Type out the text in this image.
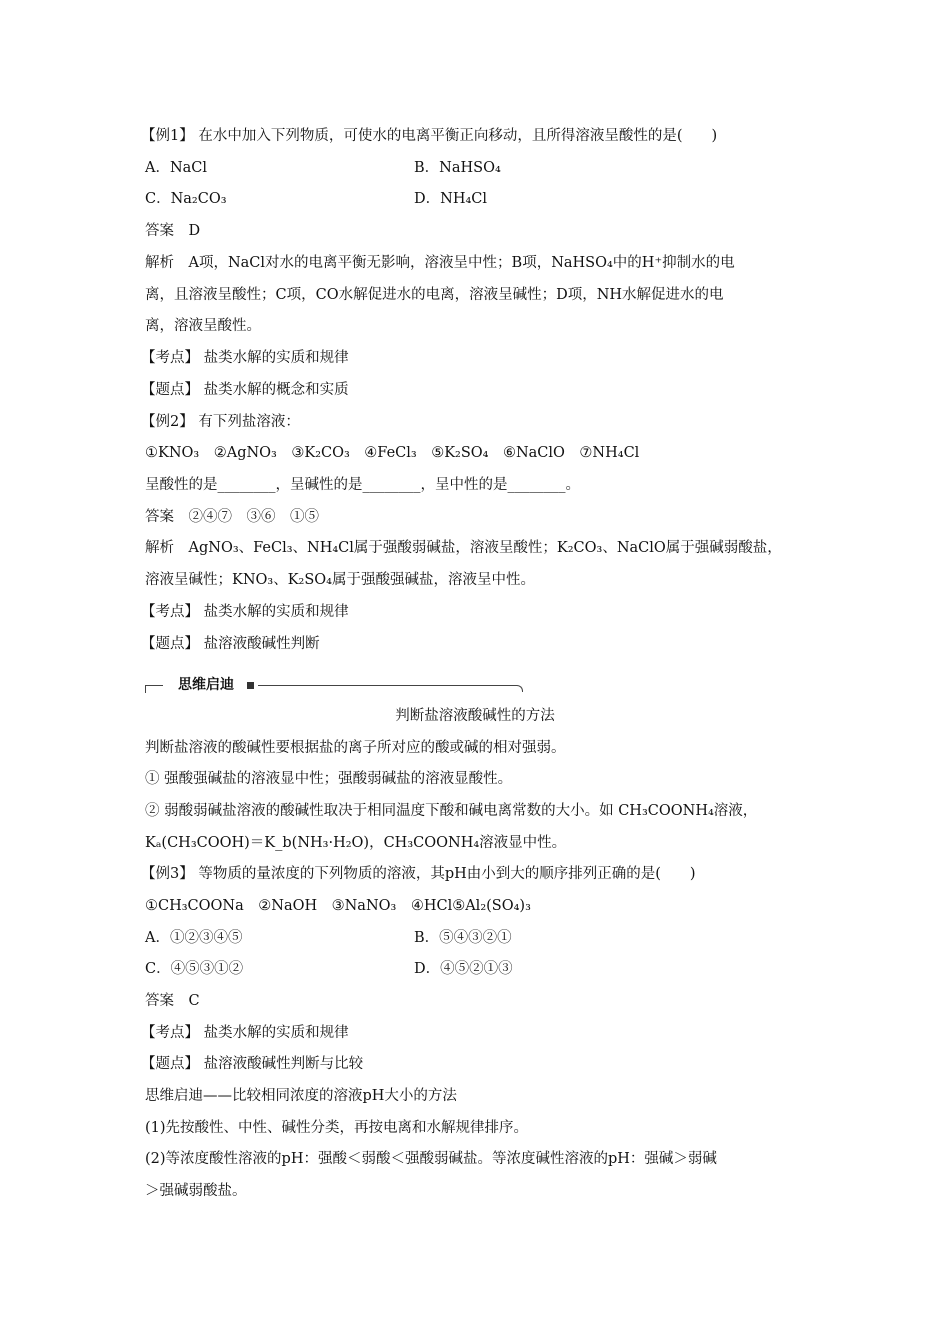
【例1】 在水中加入下列物质，可使水的电离平衡正向移动，且所得溶液呈酸性的是(　　)
A．NaCl	B．NaHSO₄
C．Na₂CO₃	D．NH₄Cl
答案　D
解析　A项，NaCl对水的电离平衡无影响，溶液呈中性；B项，NaHSO₄中的H⁺抑制水的电
离，且溶液呈酸性；C项，CO水解促进水的电离，溶液呈碱性；D项，NH水解促进水的电
离，溶液呈酸性。
【考点】 盐类水解的实质和规律
【题点】 盐类水解的概念和实质
【例2】 有下列盐溶液：
①KNO₃　②AgNO₃　③K₂CO₃　④FeCl₃　⑤K₂SO₄　⑥NaClO　⑦NH₄Cl
呈酸性的是________，呈碱性的是________，呈中性的是________。
答案　②④⑦　③⑥　①⑤
解析　AgNO₃、FeCl₃、NH₄Cl属于强酸弱碱盐，溶液呈酸性；K₂CO₃、NaClO属于强碱弱酸盐，
溶液呈碱性；KNO₃、K₂SO₄属于强酸强碱盐，溶液呈中性。
【考点】 盐类水解的实质和规律
【题点】 盐溶液酸碱性判断
思维启迪
判断盐溶液酸碱性的方法
判断盐溶液的酸碱性要根据盐的离子所对应的酸或碱的相对强弱。
① 强酸强碱盐的溶液显中性；强酸弱碱盐的溶液显酸性。
② 弱酸弱碱盐溶液的酸碱性取决于相同温度下酸和碱电离常数的大小。如 CH₃COONH₄溶液，
Kₐ(CH₃COOH)＝K_b(NH₃·H₂O)，CH₃COONH₄溶液显中性。
【例3】 等物质的量浓度的下列物质的溶液，其pH由小到大的顺序排列正确的是(　　)
①CH₃COONa　②NaOH　③NaNO₃　④HCl⑤Al₂(SO₄)₃
A．①②③④⑤	B．⑤④③②①
C．④⑤③①②	D．④⑤②①③
答案　C
【考点】 盐类水解的实质和规律
【题点】 盐溶液酸碱性判断与比较
思维启迪——比较相同浓度的溶液pH大小的方法
(1)先按酸性、中性、碱性分类，再按电离和水解规律排序。
(2)等浓度酸性溶液的pH：强酸＜弱酸＜强酸弱碱盐。等浓度碱性溶液的pH：强碱＞弱碱
＞强碱弱酸盐。
